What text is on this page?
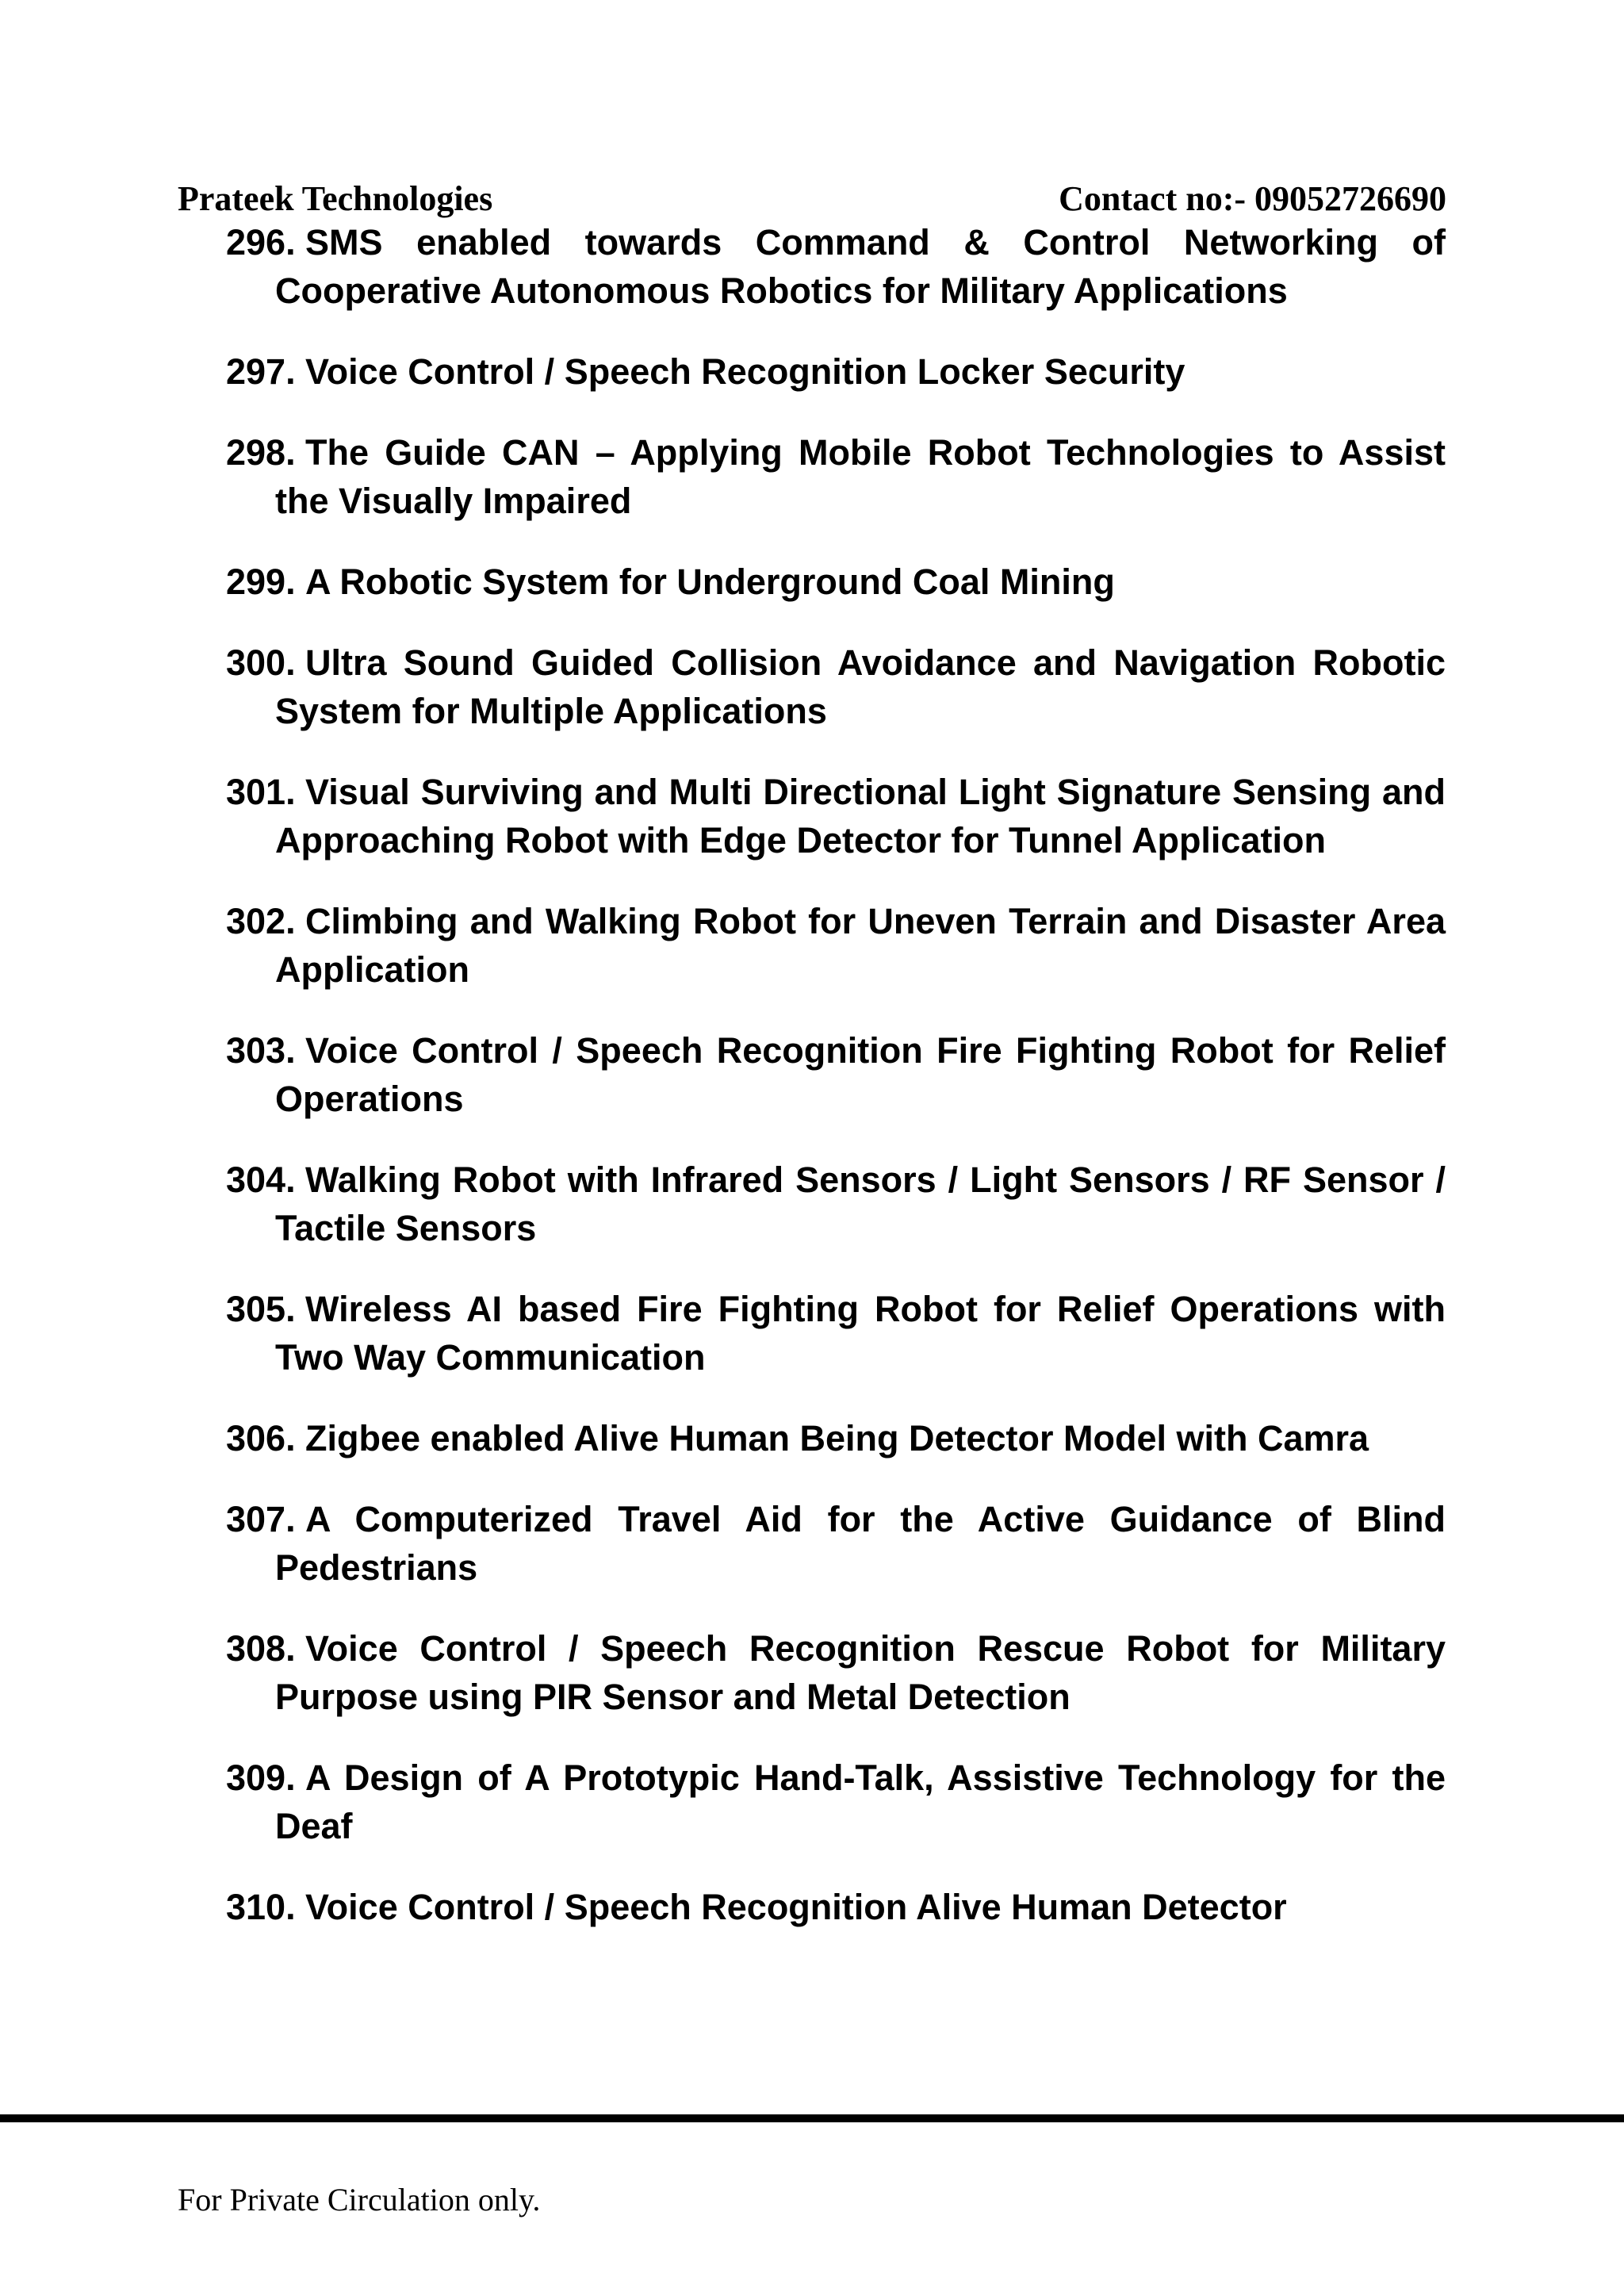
Prateek Technologies	Contact no:- 09052726690
296. SMS enabled towards Command & Control Networking of Cooperative Autonomous Robotics for Military Applications
297. Voice Control / Speech Recognition Locker Security
298. The Guide CAN – Applying Mobile Robot Technologies to Assist the Visually Impaired
299. A Robotic System for Underground Coal Mining
300. Ultra Sound Guided Collision Avoidance and Navigation Robotic System for Multiple Applications
301. Visual Surviving and Multi Directional Light Signature Sensing and Approaching Robot with Edge Detector for Tunnel Application
302. Climbing and Walking Robot for Uneven Terrain and Disaster Area Application
303. Voice Control / Speech Recognition Fire Fighting Robot for Relief Operations
304. Walking Robot with Infrared Sensors / Light Sensors / RF Sensor / Tactile Sensors
305. Wireless AI based Fire Fighting Robot for Relief Operations with Two Way Communication
306. Zigbee enabled Alive Human Being Detector Model with Camra
307. A Computerized Travel Aid for the Active Guidance of Blind Pedestrians
308. Voice Control / Speech Recognition Rescue Robot for Military Purpose using PIR Sensor and Metal Detection
309. A Design of A Prototypic Hand-Talk, Assistive Technology for the Deaf
310. Voice Control / Speech Recognition Alive Human Detector
For Private Circulation only.
